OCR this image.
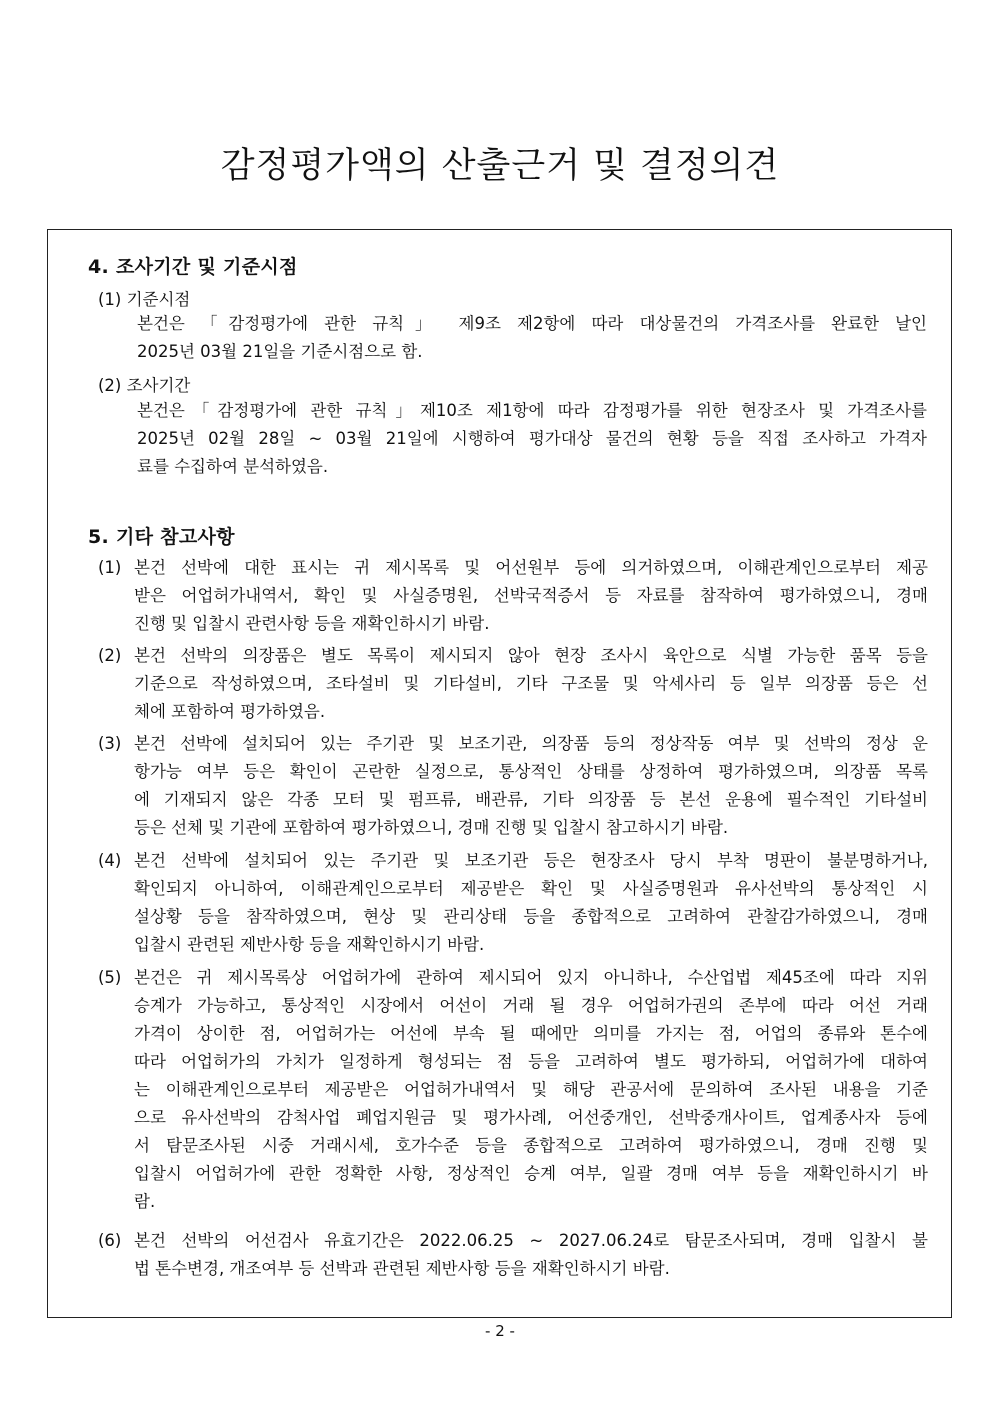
감정평가액의 산출근거 및 결정의견
4. 조사기간 및 기준시점
(1) 기준시점
본건은 「감정평가에 관한 규칙」 제9조 제2항에 따라 대상물건의 가격조사를 완료한 날인
2025년 03월 21일을 기준시점으로 함.
(2) 조사기간
본건은「감정평가에 관한 규칙」제10조 제1항에 따라 감정평가를 위한 현장조사 및 가격조사를
2025년 02월 28일 ~ 03월 21일에 시행하여 평가대상 물건의 현황 등을 직접 조사하고 가격자
료를 수집하여 분석하였음.
5. 기타 참고사항
(1) 본건 선박에 대한 표시는 귀 제시목록 및 어선원부 등에 의거하였으며, 이해관계인으로부터 제공
받은 어업허가내역서, 확인 및 사실증명원, 선박국적증서 등 자료를 참작하여 평가하였으니, 경매
진행 및 입찰시 관련사항 등을 재확인하시기 바람.
(2) 본건 선박의 의장품은 별도 목록이 제시되지 않아 현장 조사시 육안으로 식별 가능한 품목 등을
기준으로 작성하였으며, 조타설비 및 기타설비, 기타 구조물 및 악세사리 등 일부 의장품 등은 선
체에 포함하여 평가하였음.
(3) 본건 선박에 설치되어 있는 주기관 및 보조기관, 의장품 등의 정상작동 여부 및 선박의 정상 운
항가능 여부 등은 확인이 곤란한 실정으로, 통상적인 상태를 상정하여 평가하였으며, 의장품 목록
에 기재되지 않은 각종 모터 및 펌프류, 배관류, 기타 의장품 등 본선 운용에 필수적인 기타설비
등은 선체 및 기관에 포함하여 평가하였으니, 경매 진행 및 입찰시 참고하시기 바람.
(4) 본건 선박에 설치되어 있는 주기관 및 보조기관 등은 현장조사 당시 부착 명판이 불분명하거나,
확인되지 아니하여, 이해관계인으로부터 제공받은 확인 및 사실증명원과 유사선박의 통상적인 시
설상황 등을 참작하였으며, 현상 및 관리상태 등을 종합적으로 고려하여 관찰감가하였으니, 경매
입찰시 관련된 제반사항 등을 재확인하시기 바람.
(5) 본건은 귀 제시목록상 어업허가에 관하여 제시되어 있지 아니하나, 수산업법 제45조에 따라 지위
승계가 가능하고, 통상적인 시장에서 어선이 거래 될 경우 어업허가권의 존부에 따라 어선 거래
가격이 상이한 점, 어업허가는 어선에 부속 될 때에만 의미를 가지는 점, 어업의 종류와 톤수에
따라 어업허가의 가치가 일정하게 형성되는 점 등을 고려하여 별도 평가하되, 어업허가에 대하여
는 이해관계인으로부터 제공받은 어업허가내역서 및 해당 관공서에 문의하여 조사된 내용을 기준
으로 유사선박의 감척사업 폐업지원금 및 평가사례, 어선중개인, 선박중개사이트, 업계종사자 등에
서 탐문조사된 시중 거래시세, 호가수준 등을 종합적으로 고려하여 평가하였으니, 경매 진행 및
입찰시 어업허가에 관한 정확한 사항, 정상적인 승계 여부, 일괄 경매 여부 등을 재확인하시기 바
람.
(6) 본건 선박의 어선검사 유효기간은 2022.06.25 ~ 2027.06.24로 탐문조사되며, 경매 입찰시 불
법 톤수변경, 개조여부 등 선박과 관련된 제반사항 등을 재확인하시기 바람.
- 2 -
